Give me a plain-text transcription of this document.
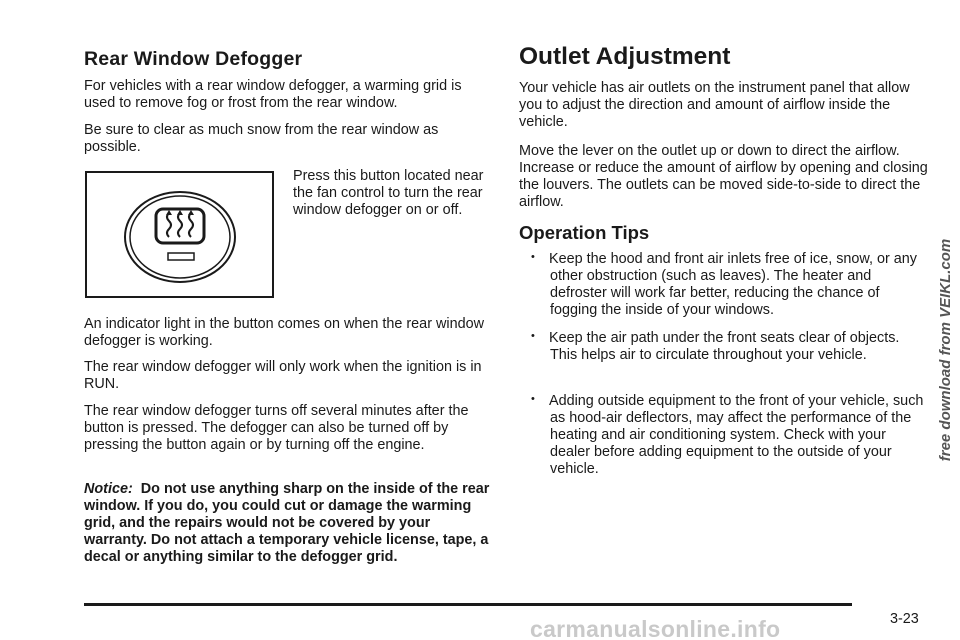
Rear Window Defogger

For vehicles with a rear window defogger, a warming grid is used to remove fog or frost from the rear window.

Be sure to clear as much snow from the rear window as possible.

Press this button located near the fan control to turn the rear window defogger on or off.

An indicator light in the button comes on when the rear window defogger is working.

The rear window defogger will only work when the ignition is in RUN.

The rear window defogger turns off several minutes after the button is pressed. The defogger can also be turned off by pressing the button again or by turning off the engine.

Notice: Do not use anything sharp on the inside of the rear window. If you do, you could cut or damage the warming grid, and the repairs would not be covered by your warranty. Do not attach a temporary vehicle license, tape, a decal or anything similar to the defogger grid.

Outlet Adjustment

Your vehicle has air outlets on the instrument panel that allow you to adjust the direction and amount of airflow inside the vehicle.

Move the lever on the outlet up or down to direct the airflow. Increase or reduce the amount of airflow by opening and closing the louvers. The outlets can be moved side-to-side to direct the airflow.

Operation Tips
• Keep the hood and front air inlets free of ice, snow, or any other obstruction (such as leaves). The heater and defroster will work far better, reducing the chance of fogging the inside of your windows.
• Keep the air path under the front seats clear of objects. This helps air to circulate throughout your vehicle.
• Adding outside equipment to the front of your vehicle, such as hood-air deflectors, may affect the performance of the heating and air conditioning system. Check with your dealer before adding equipment to the outside of your vehicle.
3-23
carmanualsonline.info
free download from VEIKL.com
